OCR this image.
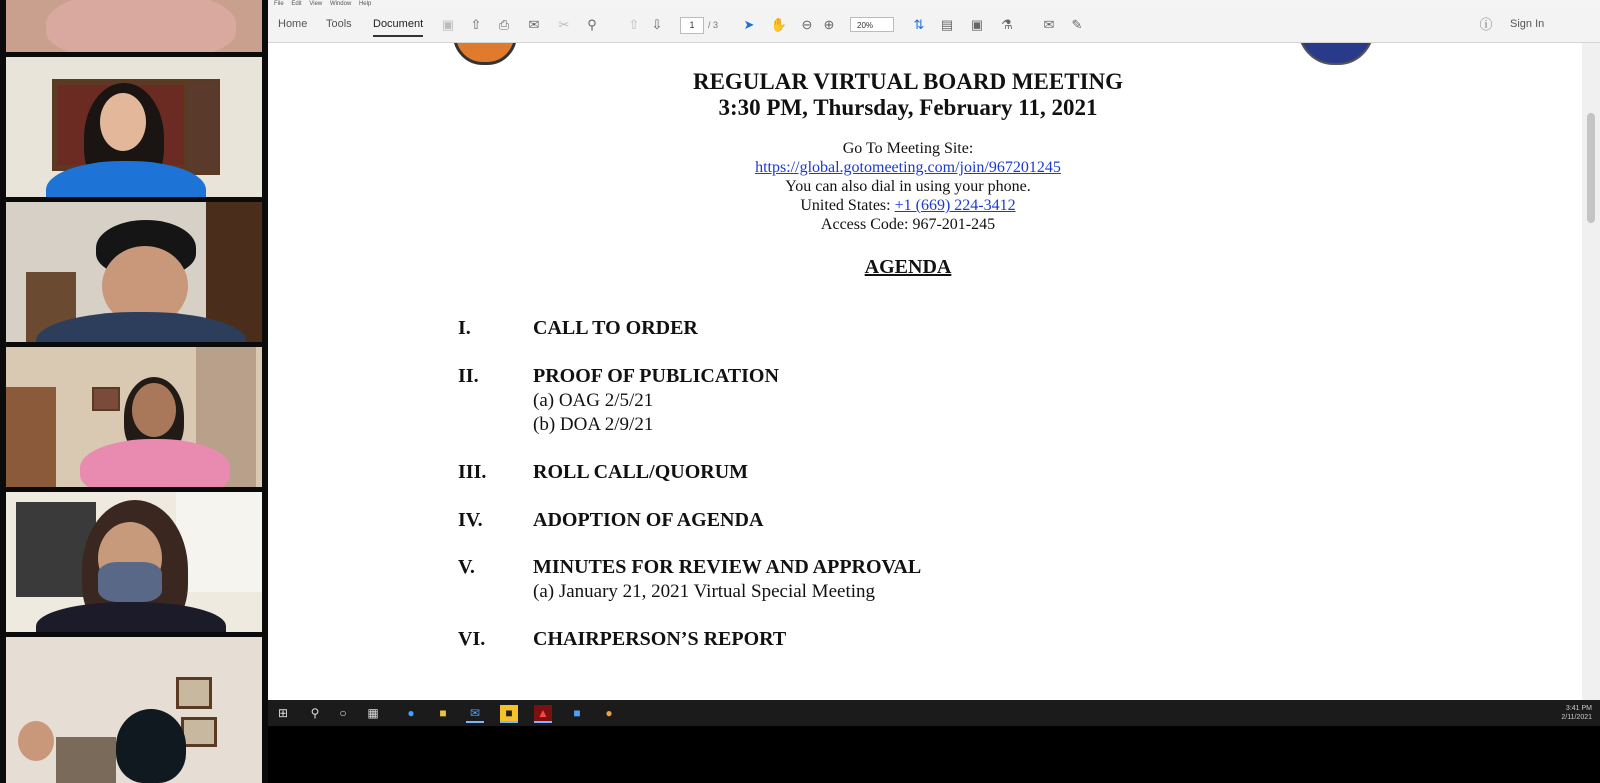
File Edit View Window Help
Home Tools Document ▣ ⇧ ⎙ ✉ ✂	⚲	⇧ ⇩	1	/ 3 ➤ ✋ ⊖ ⊕	20%	⇅ ▤ ▣ ⚗ ✉ ✎	ⓘ Sign In
REGULAR VIRTUAL BOARD MEETING
3:30 PM, Thursday, February 11, 2021
Go To Meeting Site:
https://global.gotomeeting.com/join/967201245
You can also dial in using your phone.
United States: +1 (669) 224-3412
Access Code: 967-201-245
AGENDA
I.	CALL TO ORDER
II.	PROOF OF PUBLICATION
(a) OAG 2/5/21
(b) DOA 2/9/21
III. ROLL CALL/QUORUM
IV.	ADOPTION OF AGENDA
V.	MINUTES FOR REVIEW AND APPROVAL
(a) January 21, 2021 Virtual Special Meeting
VI. CHAIRPERSON’S REPORT
⊞	⚲	○	▦	●	■	✉	■	▲	■	●	3:41 PM
2/11/2021
